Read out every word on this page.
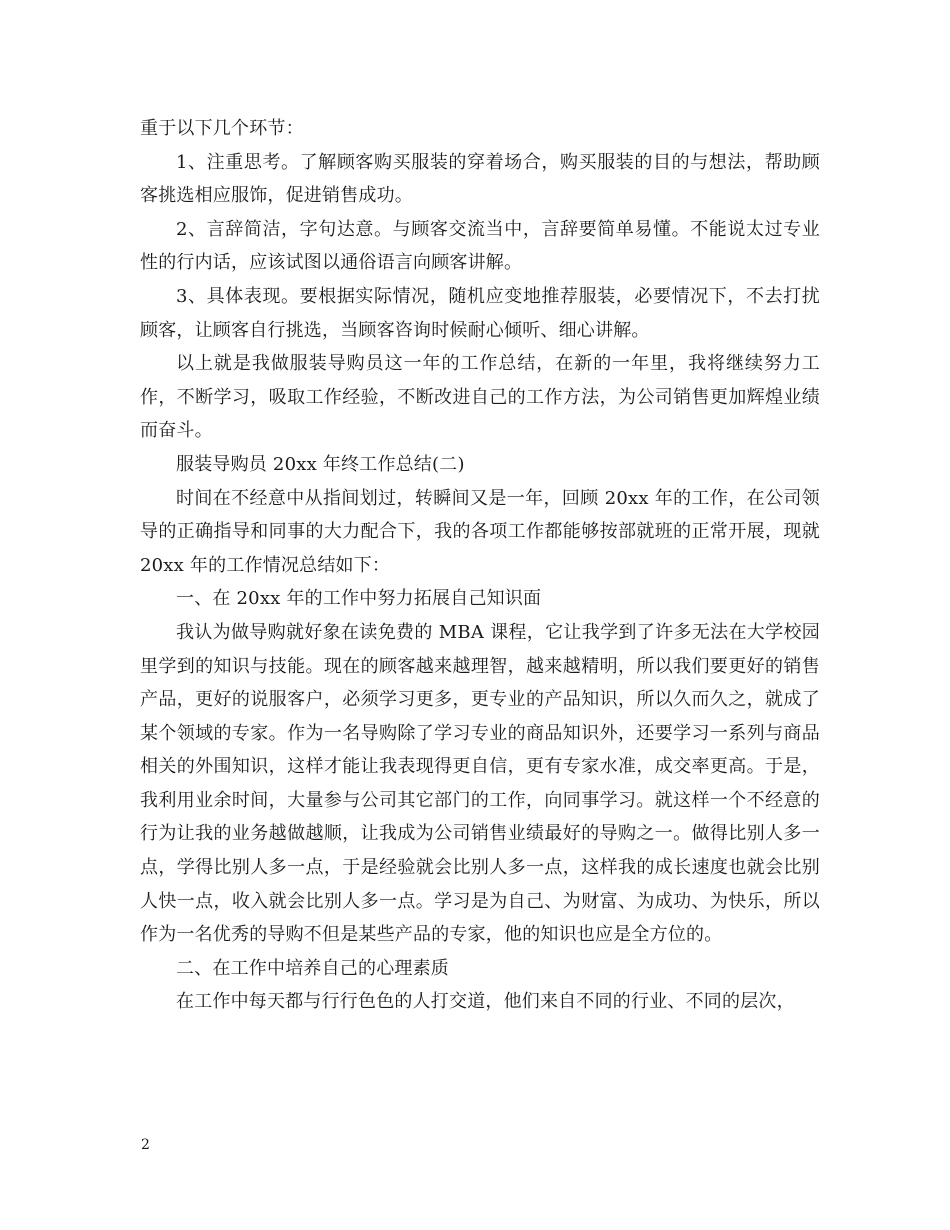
重于以下几个环节：

1、注重思考。了解顾客购买服装的穿着场合，购买服装的目的与想法，帮助顾客挑选相应服饰，促进销售成功。

2、言辞简洁，字句达意。与顾客交流当中，言辞要简单易懂。不能说太过专业性的行内话，应该试图以通俗语言向顾客讲解。

3、具体表现。要根据实际情况，随机应变地推荐服装，必要情况下，不去打扰顾客，让顾客自行挑选，当顾客咨询时候耐心倾听、细心讲解。

以上就是我做服装导购员这一年的工作总结，在新的一年里，我将继续努力工作，不断学习，吸取工作经验，不断改进自己的工作方法，为公司销售更加辉煌业绩而奋斗。

服装导购员 20xx 年终工作总结(二)

时间在不经意中从指间划过，转瞬间又是一年，回顾 20xx 年的工作，在公司领导的正确指导和同事的大力配合下，我的各项工作都能够按部就班的正常开展，现就 20xx 年的工作情况总结如下：

一、在 20xx 年的工作中努力拓展自己知识面

我认为做导购就好象在读免费的 MBA 课程，它让我学到了许多无法在大学校园里学到的知识与技能。现在的顾客越来越理智，越来越精明，所以我们要更好的销售产品，更好的说服客户，必须学习更多，更专业的产品知识，所以久而久之，就成了某个领域的专家。作为一名导购除了学习专业的商品知识外，还要学习一系列与商品相关的外围知识，这样才能让我表现得更自信，更有专家水准，成交率更高。于是，我利用业余时间，大量参与公司其它部门的工作，向同事学习。就这样一个不经意的行为让我的业务越做越顺，让我成为公司销售业绩最好的导购之一。做得比别人多一点，学得比别人多一点，于是经验就会比别人多一点，这样我的成长速度也就会比别人快一点，收入就会比别人多一点。学习是为自己、为财富、为成功、为快乐，所以作为一名优秀的导购不但是某些产品的专家，他的知识也应是全方位的。

二、在工作中培养自己的心理素质

在工作中每天都与行行色色的人打交道，他们来自不同的行业、不同的层次，

2
